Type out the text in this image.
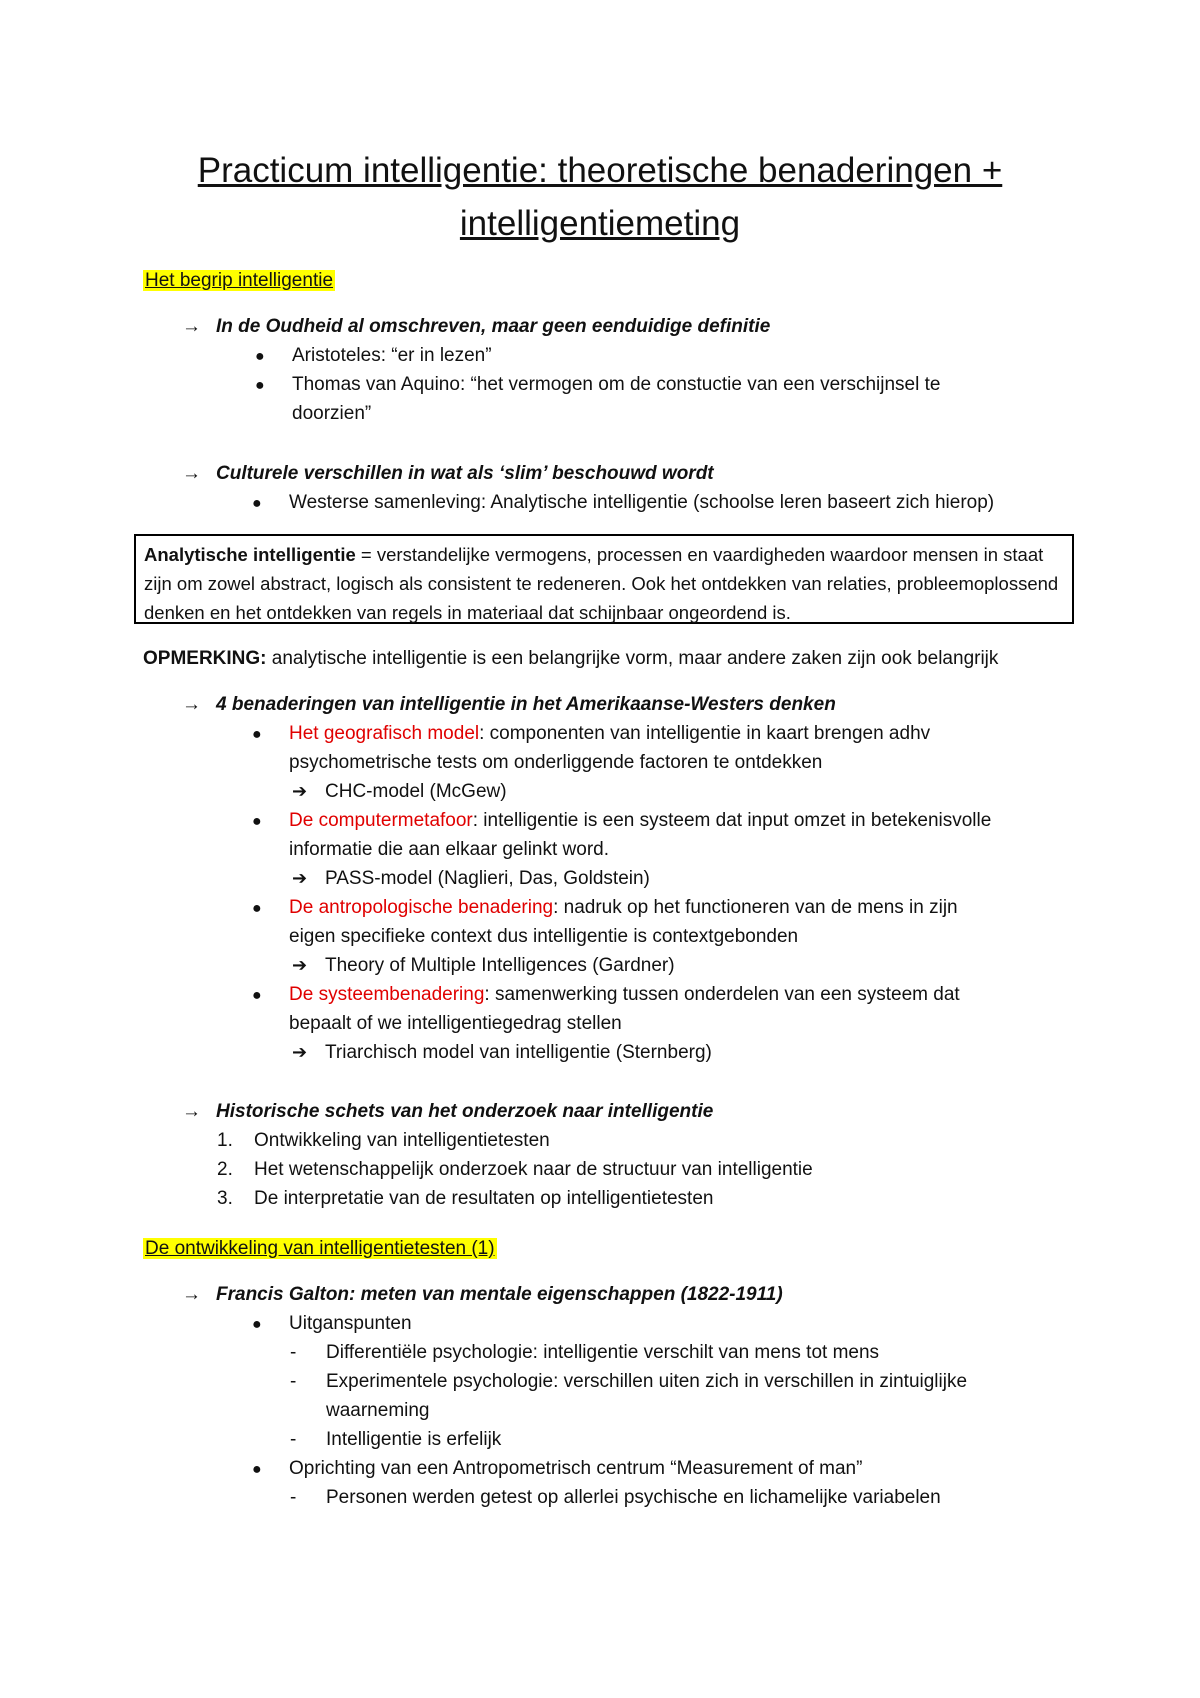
Practicum intelligentie: theoretische benaderingen +
intelligentiemeting
Het begrip intelligentie
→ In de Oudheid al omschreven, maar geen eenduidige definitie
● Aristoteles: “er in lezen”
● Thomas van Aquino: “het vermogen om de constuctie van een verschijnsel te
doorzien”
→ Culturele verschillen in wat als ‘slim’ beschouwd wordt
● Westerse samenleving: Analytische intelligentie (schoolse leren baseert zich hierop)

Analytische intelligentie = verstandelijke vermogens, processen en vaardigheden waardoor mensen in staat zijn om zowel abstract, logisch als consistent te redeneren. Ook het ontdekken van relaties, probleemoplossend denken en het ontdekken van regels in materiaal dat schijnbaar ongeordend is.

OPMERKING: analytische intelligentie is een belangrijke vorm, maar andere zaken zijn ook belangrijk
→ 4 benaderingen van intelligentie in het Amerikaanse-Westers denken
● Het geografisch model: componenten van intelligentie in kaart brengen adhv
psychometrische tests om onderliggende factoren te ontdekken
➔ CHC-model (McGew)
● De computermetafoor: intelligentie is een systeem dat input omzet in betekenisvolle
informatie die aan elkaar gelinkt word.
➔ PASS-model (Naglieri, Das, Goldstein)
● De antropologische benadering: nadruk op het functioneren van de mens in zijn
eigen specifieke context dus intelligentie is contextgebonden
➔ Theory of Multiple Intelligences (Gardner)
● De systeembenadering: samenwerking tussen onderdelen van een systeem dat
bepaalt of we intelligentiegedrag stellen
➔ Triarchisch model van intelligentie (Sternberg)
→ Historische schets van het onderzoek naar intelligentie
1. Ontwikkeling van intelligentietesten
2. Het wetenschappelijk onderzoek naar de structuur van intelligentie
3. De interpretatie van de resultaten op intelligentietesten
De ontwikkeling van intelligentietesten (1)
→ Francis Galton: meten van mentale eigenschappen (1822-1911)
● Uitganspunten
- Differentiële psychologie: intelligentie verschilt van mens tot mens
- Experimentele psychologie: verschillen uiten zich in verschillen in zintuiglijke
waarneming
- Intelligentie is erfelijk
● Oprichting van een Antropometrisch centrum “Measurement of man”
- Personen werden getest op allerlei psychische en lichamelijke variabelen
